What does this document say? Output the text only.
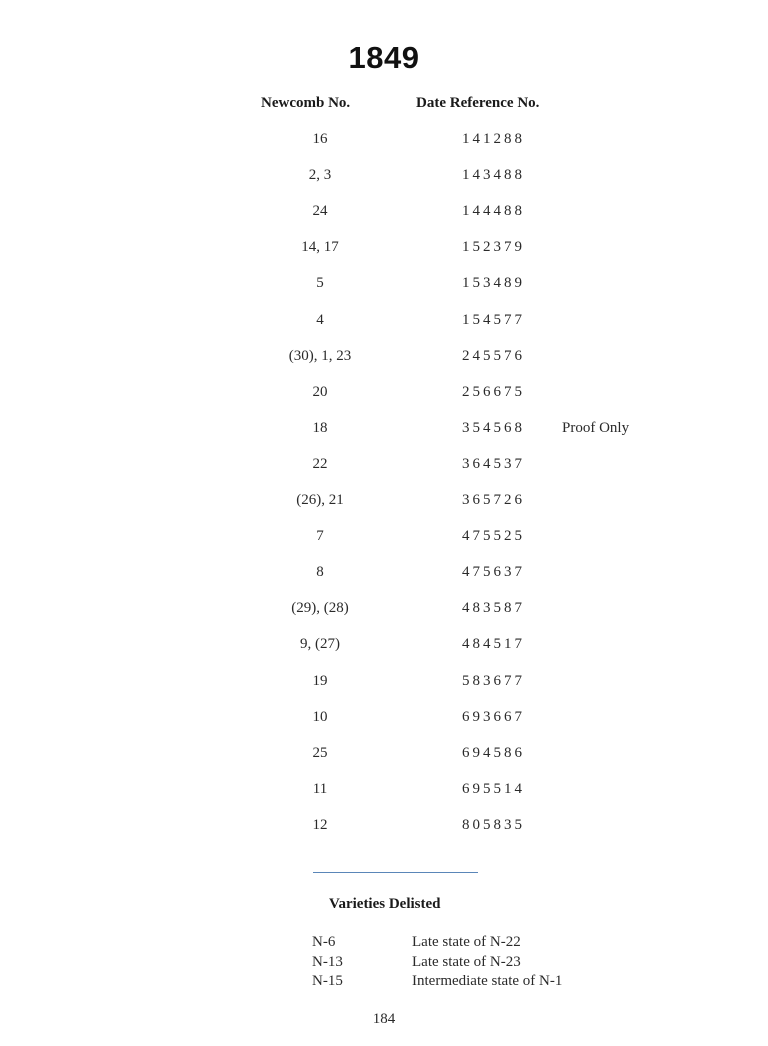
1849
Newcomb No.	Date Reference No.
16	141288
2, 3	143488
24	144488
14, 17	152379
5	153489
4	154577
(30), 1, 23	245576
20	256675
18	354568 Proof Only
22	364537
(26), 21	365726
7	475525
8	475637
(29), (28)	483587
9, (27)	484517
19	583677
10	693667
25	694586
11	695514
12	805835
Varieties Delisted
N-6	Late state of N-22
N-13	Late state of N-23
N-15	Intermediate state of N-1
184
